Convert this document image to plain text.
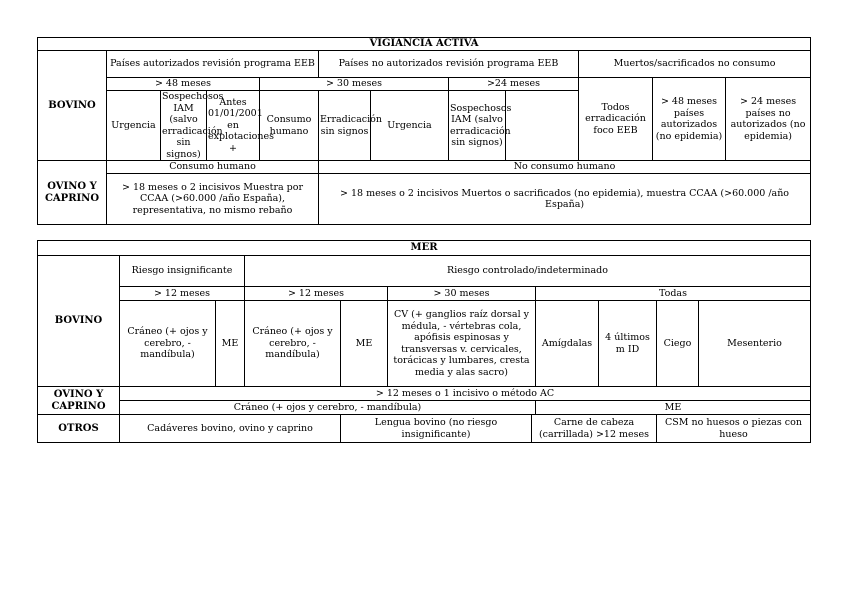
VIGIANCIA ACTIVA										
BOVINO	Países autorizados revisión programa EEB				Países no autorizados revisión programa EEB			Muertos/sacrificados no consumo		
	> 48 meses			> 30 meses			>24 meses	Todos erradicación foco EEB	> 48 meses países autorizados (no epidemia)	> 24 meses países no autorizados (no epidemia)
	Urgencia	Sospechosos IAM (salvo erradicación sin signos)	Antes 01/01/2001 en explotaciones +	Consumo humano	Erradicación sin signos	Urgencia	Sospechosos IAM (salvo erradicación sin signos)			
OVINO Y CAPRINO	Consumo humano				No consumo humano					
	> 18 meses o 2 incisivos Muestra por CCAA (>60.000 /año España), representativa, no mismo rebaño				> 18 meses o 2 incisivos Muertos o sacrificados (no epidemia), muestra CCAA (>60.000 /año España)					
MER										
BOVINO	Riesgo insignificante		Riesgo controlado/indeterminado							
	> 12 meses		> 12 meses		> 30 meses		Todas			
	Cráneo (+ ojos y cerebro, - mandíbula)	ME	Cráneo (+ ojos y cerebro, - mandíbula)	ME	CV (+ ganglios raíz dorsal y médula, - vértebras cola, apófisis espinosas y transversas v. cervicales, torácicas y lumbares, cresta media y alas sacro)		Amígdalas	4 últimos m ID	Ciego	Mesenterio
OVINO Y CAPRINO	> 12 meses o 1 incisivo o método AC									
	Cráneo (+ ojos y cerebro, - mandíbula)						ME			
OTROS	Cadáveres bovino, ovino y caprino			Lengua bovino (no riesgo insignificante)		Carne de cabeza (carrillada) >12 meses			CSM no huesos o piezas con hueso	
